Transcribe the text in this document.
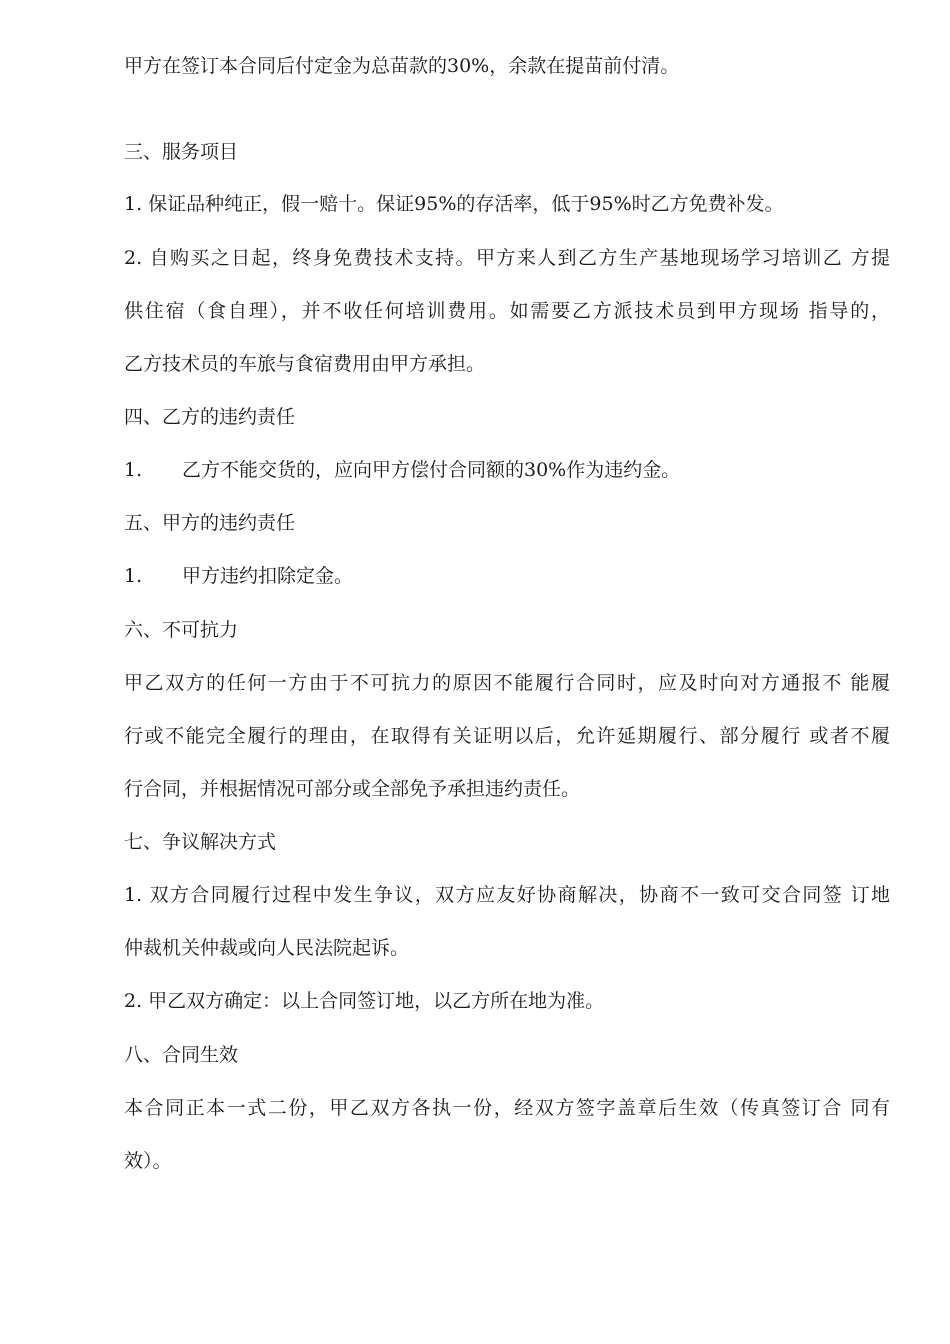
甲方在签订本合同后付定金为总苗款的30%，余款在提苗前付清。
三、服务项目
1. 保证品种纯正，假一赔十。保证95%的存活率，低于95%时乙方免费补发。
2. 自购买之日起，终身免费技术支持。甲方来人到乙方生产基地现场学习培训乙 方提
供住宿（食自理），并不收任何培训费用。如需要乙方派技术员到甲方现场 指导的，
乙方技术员的车旅与食宿费用由甲方承担。
四、乙方的违约责任
1. 乙方不能交货的，应向甲方偿付合同额的30%作为违约金。
五、甲方的违约责任
1. 甲方违约扣除定金。
六、不可抗力
甲乙双方的任何一方由于不可抗力的原因不能履行合同时，应及时向对方通报不 能履
行或不能完全履行的理由，在取得有关证明以后，允许延期履行、部分履行 或者不履
行合同，并根据情况可部分或全部免予承担违约责任。
七、争议解决方式
1. 双方合同履行过程中发生争议，双方应友好协商解决，协商不一致可交合同签 订地
仲裁机关仲裁或向人民法院起诉。
2. 甲乙双方确定：以上合同签订地，以乙方所在地为准。
八、合同生效
本合同正本一式二份，甲乙双方各执一份，经双方签字盖章后生效（传真签订合 同有
效）。
